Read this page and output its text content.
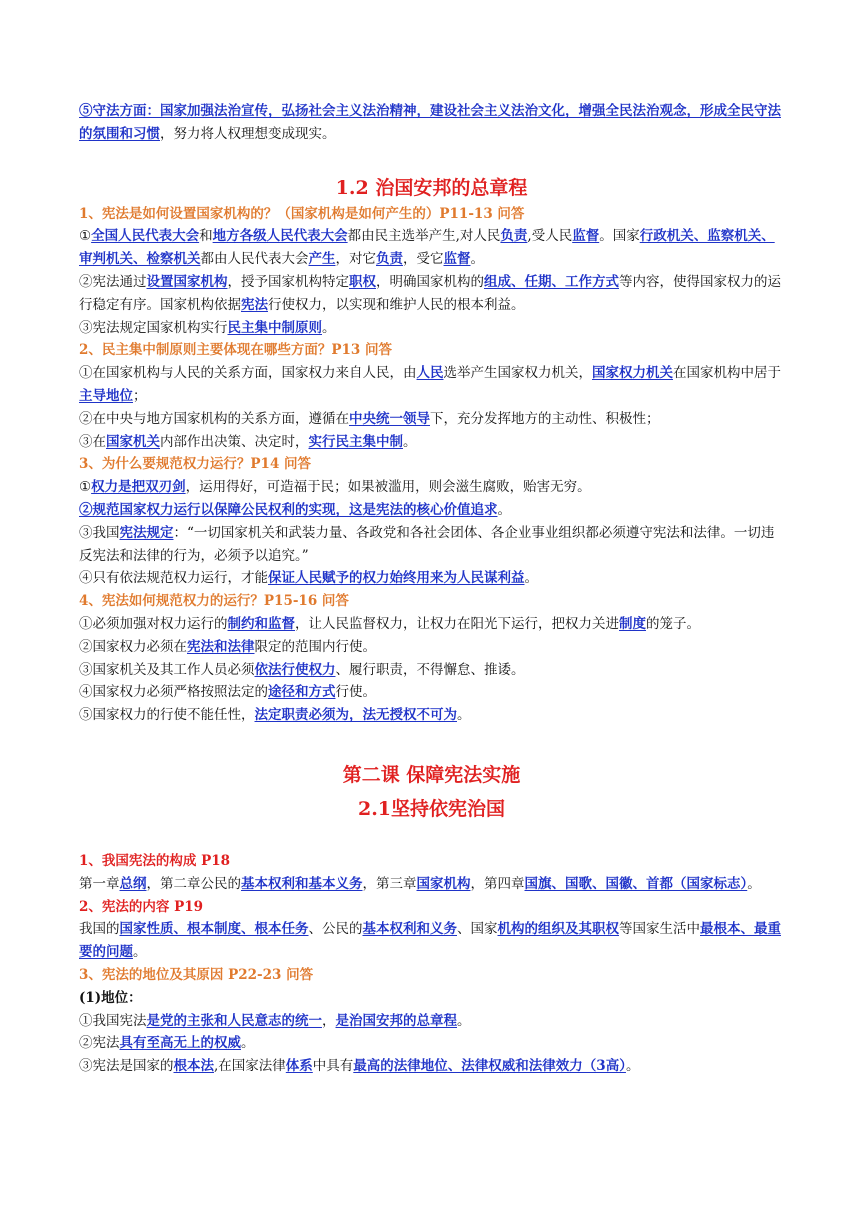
⑤守法方面：国家加强法治宣传，弘扬社会主义法治精神，建设社会主义法治文化，增强全民法治观念，形成全民守法的氛围和习惯，努力将人权理想变成现实。

1.2 治国安邦的总章程

1、宪法是如何设置国家机构的？（国家机构是如何产生的）P11-13 问答

①全国人民代表大会和地方各级人民代表大会都由民主选举产生,对人民负责,受人民监督。国家行政机关、监察机关、审判机关、检察机关都由人民代表大会产生，对它负责，受它监督。

②宪法通过设置国家机构，授予国家机构特定职权，明确国家机构的组成、任期、工作方式等内容，使得国家权力的运行稳定有序。国家机构依据宪法行使权力，以实现和维护人民的根本利益。

③宪法规定国家机构实行民主集中制原则。

2、民主集中制原则主要体现在哪些方面？P13 问答

①在国家机构与人民的关系方面，国家权力来自人民，由人民选举产生国家权力机关，国家权力机关在国家机构中居于主导地位；

②在中央与地方国家机构的关系方面，遵循在中央统一领导下，充分发挥地方的主动性、积极性；

③在国家机关内部作出决策、决定时，实行民主集中制。

3、为什么要规范权力运行？P14 问答

①权力是把双刃剑，运用得好，可造福于民；如果被滥用，则会滋生腐败，贻害无穷。

②规范国家权力运行以保障公民权利的实现，这是宪法的核心价值追求。

③我国宪法规定：“一切国家机关和武装力量、各政党和各社会团体、各企业事业组织都必须遵守宪法和法律。一切违反宪法和法律的行为，必须予以追究。”

④只有依法规范权力运行，才能保证人民赋予的权力始终用来为人民谋利益。

4、宪法如何规范权力的运行？P15-16 问答

①必须加强对权力运行的制约和监督，让人民监督权力，让权力在阳光下运行，把权力关进制度的笼子。

②国家权力必须在宪法和法律限定的范围内行使。

③国家机关及其工作人员必须依法行使权力、履行职责，不得懈怠、推诿。

④国家权力必须严格按照法定的途径和方式行使。

⑤国家权力的行使不能任性，法定职责必须为，法无授权不可为。

第二课 保障宪法实施

2.1坚持依宪治国

1、我国宪法的构成 P18

第一章总纲，第二章公民的基本权利和基本义务，第三章国家机构，第四章国旗、国歌、国徽、首都（国家标志）。

2、宪法的内容 P19

我国的国家性质、根本制度、根本任务、公民的基本权利和义务、国家机构的组织及其职权等国家生活中最根本、最重要的问题。

3、宪法的地位及其原因 P22-23 问答

(1)地位：

①我国宪法是党的主张和人民意志的统一，是治国安邦的总章程。

②宪法具有至高无上的权威。

③宪法是国家的根本法,在国家法律体系中具有最高的法律地位、法律权威和法律效力（3高）。
